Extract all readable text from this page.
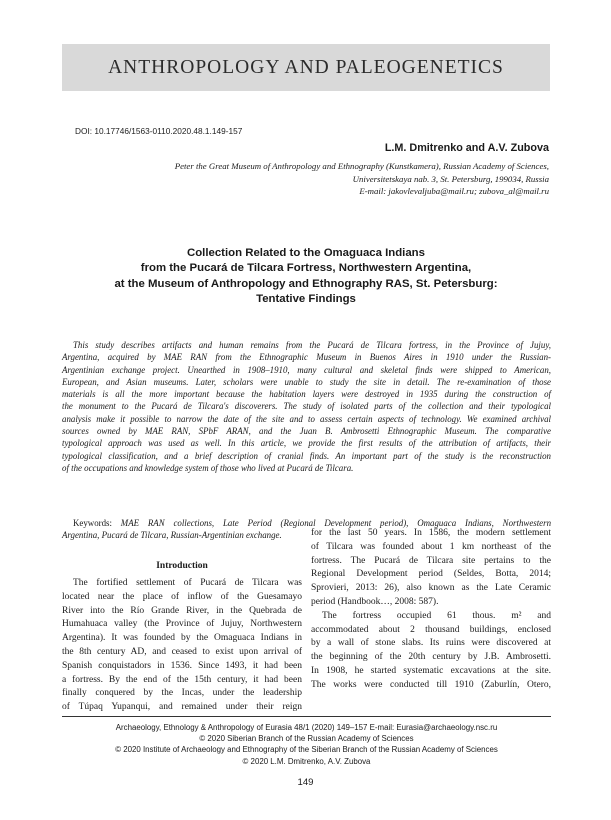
ANTHROPOLOGY AND PALEOGENETICS
DOI: 10.17746/1563-0110.2020.48.1.149-157
L.M. Dmitrenko and A.V. Zubova
Peter the Great Museum of Anthropology and Ethnography (Kunstkamera), Russian Academy of Sciences,
Universitetskaya nab. 3, St. Petersburg, 199034, Russia
E-mail: jakovlevaljuba@mail.ru; zubova_al@mail.ru
Collection Related to the Omaguaca Indians
from the Pucará de Tilcara Fortress, Northwestern Argentina,
at the Museum of Anthropology and Ethnography RAS, St. Petersburg:
Tentative Findings
This study describes artifacts and human remains from the Pucará de Tilcara fortress, in the Province of Jujuy,
Argentina, acquired by MAE RAN from the Ethnographic Museum in Buenos Aires in 1910 under the Russian-
Argentinian exchange project. Unearthed in 1908–1910, many cultural and skeletal finds were shipped to American,
European, and Asian museums. Later, scholars were unable to study the site in detail. The re-examination of those
materials is all the more important because the habitation layers were destroyed in 1935 during the construction of
the monument to the Pucará de Tilcara's discoverers. The study of isolated parts of the collection and their typological
analysis make it possible to narrow the date of the site and to assess certain aspects of technology. We examined archival
sources owned by MAE RAN, SPbF ARAN, and the Juan B. Ambrosetti Ethnographic Museum. The comparative
typological approach was used as well. In this article, we provide the first results of the attribution of artifacts, their
typological classification, and a brief description of cranial finds. An important part of the study is the reconstruction
of the occupations and knowledge system of those who lived at Pucará de Tilcara.
Keywords: MAE RAN collections, Late Period (Regional Development period), Omaguaca Indians, Northwestern
Argentina, Pucará de Tilcara, Russian-Argentinian exchange.
Introduction
The fortified settlement of Pucará de Tilcara was
located near the place of inflow of the Guesamayo
River into the Río Grande River, in the Quebrada de
Humahuaca valley (the Province of Jujuy, Northwestern
Argentina). It was founded by the Omaguaca Indians in
the 8th century AD, and ceased to exist upon arrival of
Spanish conquistadors in 1536. Since 1493, it had been
a fortress. By the end of the 15th century, it had been
finally conquered by the Incas, under the leadership
of Túpaq Yupanqui, and remained under their reign
for the last 50 years. In 1586, the modern settlement
of Tilcara was founded about 1 km northeast of the
fortress. The Pucará de Tilcara site pertains to the
Regional Development period (Seldes, Botta, 2014;
Sprovieri, 2013: 26), also known as the Late Ceramic
period (Handbook…, 2008: 587).
The fortress occupied 61 thous. m² and
accommodated about 2 thousand buildings, enclosed
by a wall of stone slabs. Its ruins were discovered at
the beginning of the 20th century by J.B. Ambrosetti.
In 1908, he started systematic excavations at the site.
The works were conducted till 1910 (Zaburlín, Otero,
Archaeology, Ethnology & Anthropology of Eurasia 48/1 (2020) 149–157 E-mail: Eurasia@archaeology.nsc.ru
© 2020 Siberian Branch of the Russian Academy of Sciences
© 2020 Institute of Archaeology and Ethnography of the Siberian Branch of the Russian Academy of Sciences
© 2020 L.M. Dmitrenko, A.V. Zubova
149
